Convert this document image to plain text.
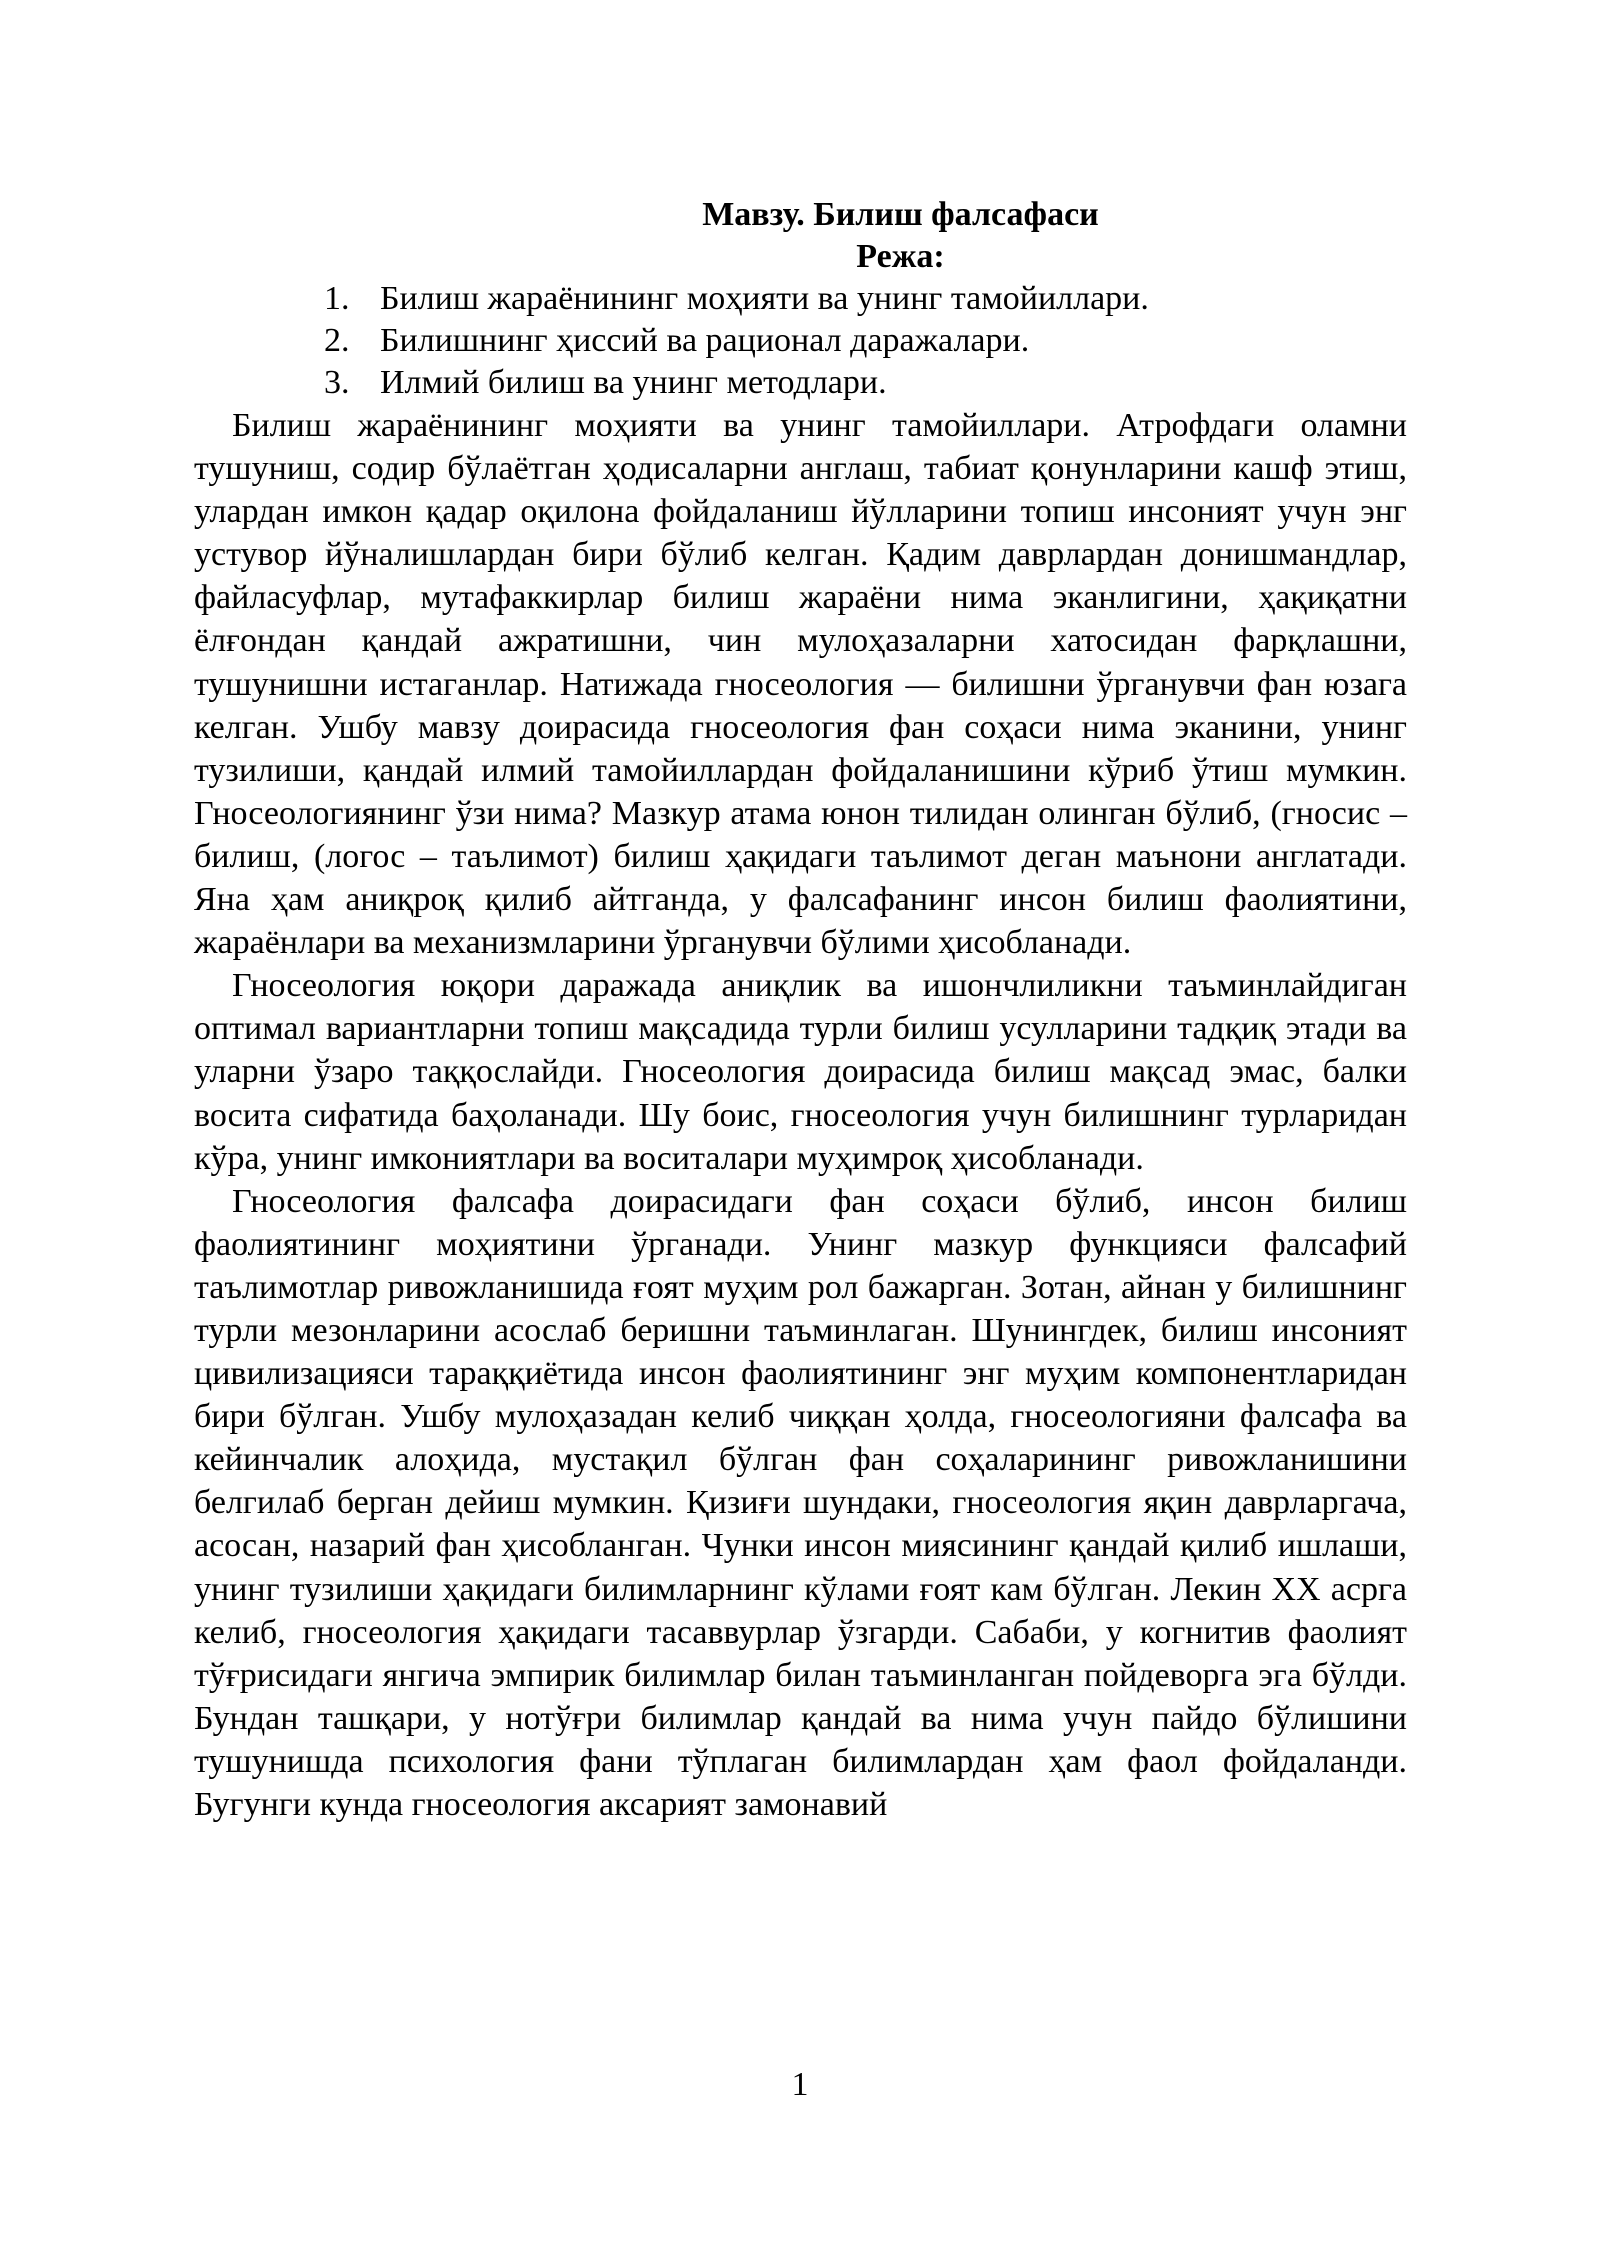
Мавзу. Билиш фалсафаси
Режа:
1. Билиш жараёнининг моҳияти ва унинг тамойиллари.
2. Билишнинг ҳиссий ва рационал даражалари.
3. Илмий билиш ва унинг методлари.

Билиш жараёнининг моҳияти ва унинг тамойиллари. Атрофдаги оламни тушуниш, содир бўлаётган ҳодисаларни англаш, табиат қонунларини кашф этиш, улардан имкон қадар оқилона фойдаланиш йўлларини топиш инсоният учун энг устувор йўналишлардан бири бўлиб келган. Қадим даврлардан донишмандлар, файласуфлар, мутафаккирлар билиш жараёни нима эканлигини, ҳақиқатни ёлғондан қандай ажратишни, чин мулоҳазаларни хатосидан фарқлашни, тушунишни истаганлар. Натижада гносеология — билишни ўрганувчи фан юзага келган. Ушбу мавзу доирасида гносеология фан соҳаси нима эканини, унинг тузилиши, қандай илмий тамойиллардан фойдаланишини кўриб ўтиш мумкин. Гносеологиянинг ўзи нима? Мазкур атама юнон тилидан олинган бўлиб, (гносис – билиш, (логос – таълимот) билиш ҳақидаги таълимот деган маънони англатади. Яна ҳам аниқроқ қилиб айтганда, у фалсафанинг инсон билиш фаолиятини, жараёнлари ва механизмларини ўрганувчи бўлими ҳисобланади.

Гносеология юқори даражада аниқлик ва ишончлиликни таъминлайдиган оптимал вариантларни топиш мақсадида турли билиш усулларини тадқиқ этади ва уларни ўзаро таққослайди. Гносеология доирасида билиш мақсад эмас, балки восита сифатида баҳоланади. Шу боис, гносеология учун билишнинг турларидан кўра, унинг имкониятлари ва воситалари муҳимроқ ҳисобланади.

Гносеология фалсафа доирасидаги фан соҳаси бўлиб, инсон билиш фаолиятининг моҳиятини ўрганади. Унинг мазкур функцияси фалсафий таълимотлар ривожланишида ғоят муҳим рол бажарган. Зотан, айнан у билишнинг турли мезонларини асослаб беришни таъминлаган. Шунингдек, билиш инсоният цивилизацияси тараққиётида инсон фаолиятининг энг муҳим компонентларидан бири бўлган. Ушбу мулоҳазадан келиб чиққан ҳолда, гносеологияни фалсафа ва кейинчалик алоҳида, мустақил бўлган фан соҳаларининг ривожланишини белгилаб берган дейиш мумкин. Қизиғи шундаки, гносеология яқин даврларгача, асосан, назарий фан ҳисобланган. Чунки инсон миясининг қандай қилиб ишлаши, унинг тузилиши ҳақидаги билимларнинг кўлами ғоят кам бўлган. Лекин XX асрга келиб, гносеология ҳақидаги тасаввурлар ўзгарди. Сабаби, у когнитив фаолият тўғрисидаги янгича эмпирик билимлар билан таъминланган пойдеворга эга бўлди. Бундан ташқари, у нотўғри билимлар қандай ва нима учун пайдо бўлишини тушунишда психология фани тўплаган билимлардан ҳам фаол фойдаланди. Бугунги кунда гносеология аксарият замонавий

1
